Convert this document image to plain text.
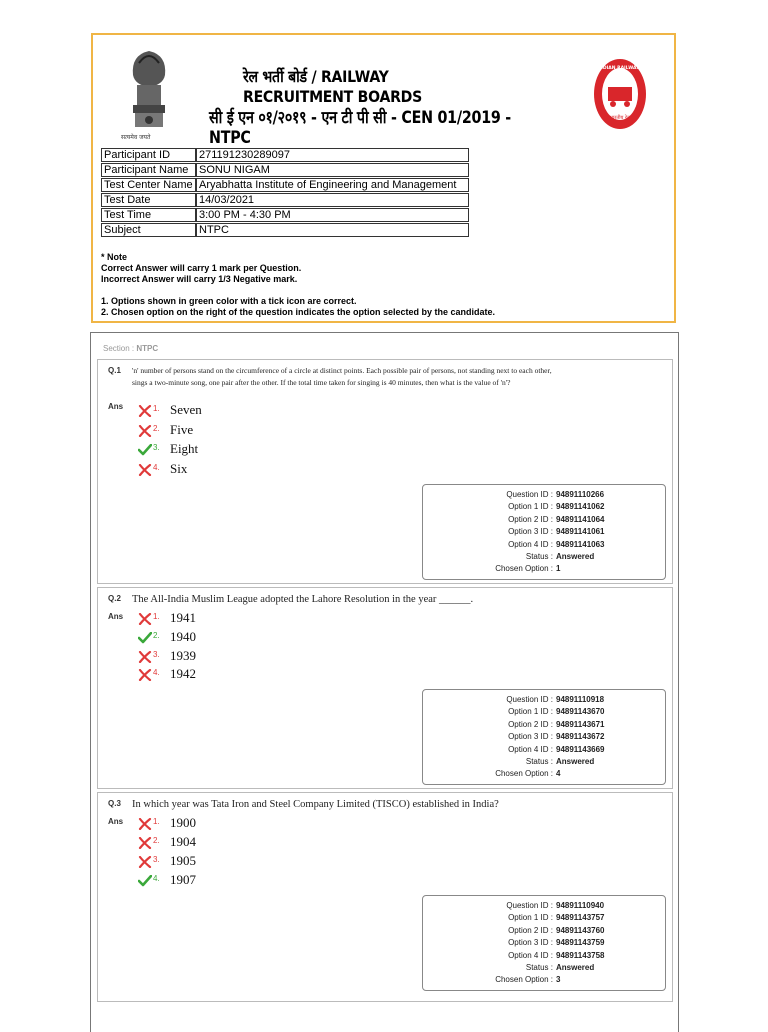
सत्यमेव जयते
रेल भर्ती बोर्ड / RAILWAY RECRUITMENT BOARDS
सी ई एन ०१/२०१९ - एन टी पी सी - CEN 01/2019 - NTPC
INDIAN RAILWAYS
भारतीय रेल
Participant ID	271191230289097
Participant Name	SONU NIGAM
Test Center Name	Aryabhatta Institute of Engineering and Management
Test Date	14/03/2021
Test Time	3:00 PM - 4:30 PM
Subject	NTPC

* Note

Correct Answer will carry 1 mark per Question.

Incorrect Answer will carry 1/3 Negative mark.

1. Options shown in green color with a tick icon are correct.

2. Chosen option on the right of the question indicates the option selected by the candidate.

Section : NTPC
Q.1 'n' number of persons stand on the circumference of a circle at distinct points. Each possible pair of persons, not standing next to each other, sings a two-minute song, one pair after the other. If the total time taken for singing is 40 minutes, then what is the value of 'n'?
Ans	1. Seven
2. Five
3. Eight
4. Six
Question ID : 94891110266
Option 1 ID : 94891141062
Option 2 ID : 94891141064
Option 3 ID : 94891141061
Option 4 ID : 94891141063
Status : Answered
Chosen Option : 1
Q.2 The All-India Muslim League adopted the Lahore Resolution in the year ______.
Ans	1. 1941
2. 1940
3. 1939
4. 1942
Question ID : 94891110918
Option 1 ID : 94891143670
Option 2 ID : 94891143671
Option 3 ID : 94891143672
Option 4 ID : 94891143669
Status : Answered
Chosen Option : 4
Q.3 In which year was Tata Iron and Steel Company Limited (TISCO) established in India?
Ans	1. 1900
2. 1904
3. 1905
4. 1907
Question ID : 94891110940
Option 1 ID : 94891143757
Option 2 ID : 94891143760
Option 3 ID : 94891143759
Option 4 ID : 94891143758
Status : Answered
Chosen Option : 3
